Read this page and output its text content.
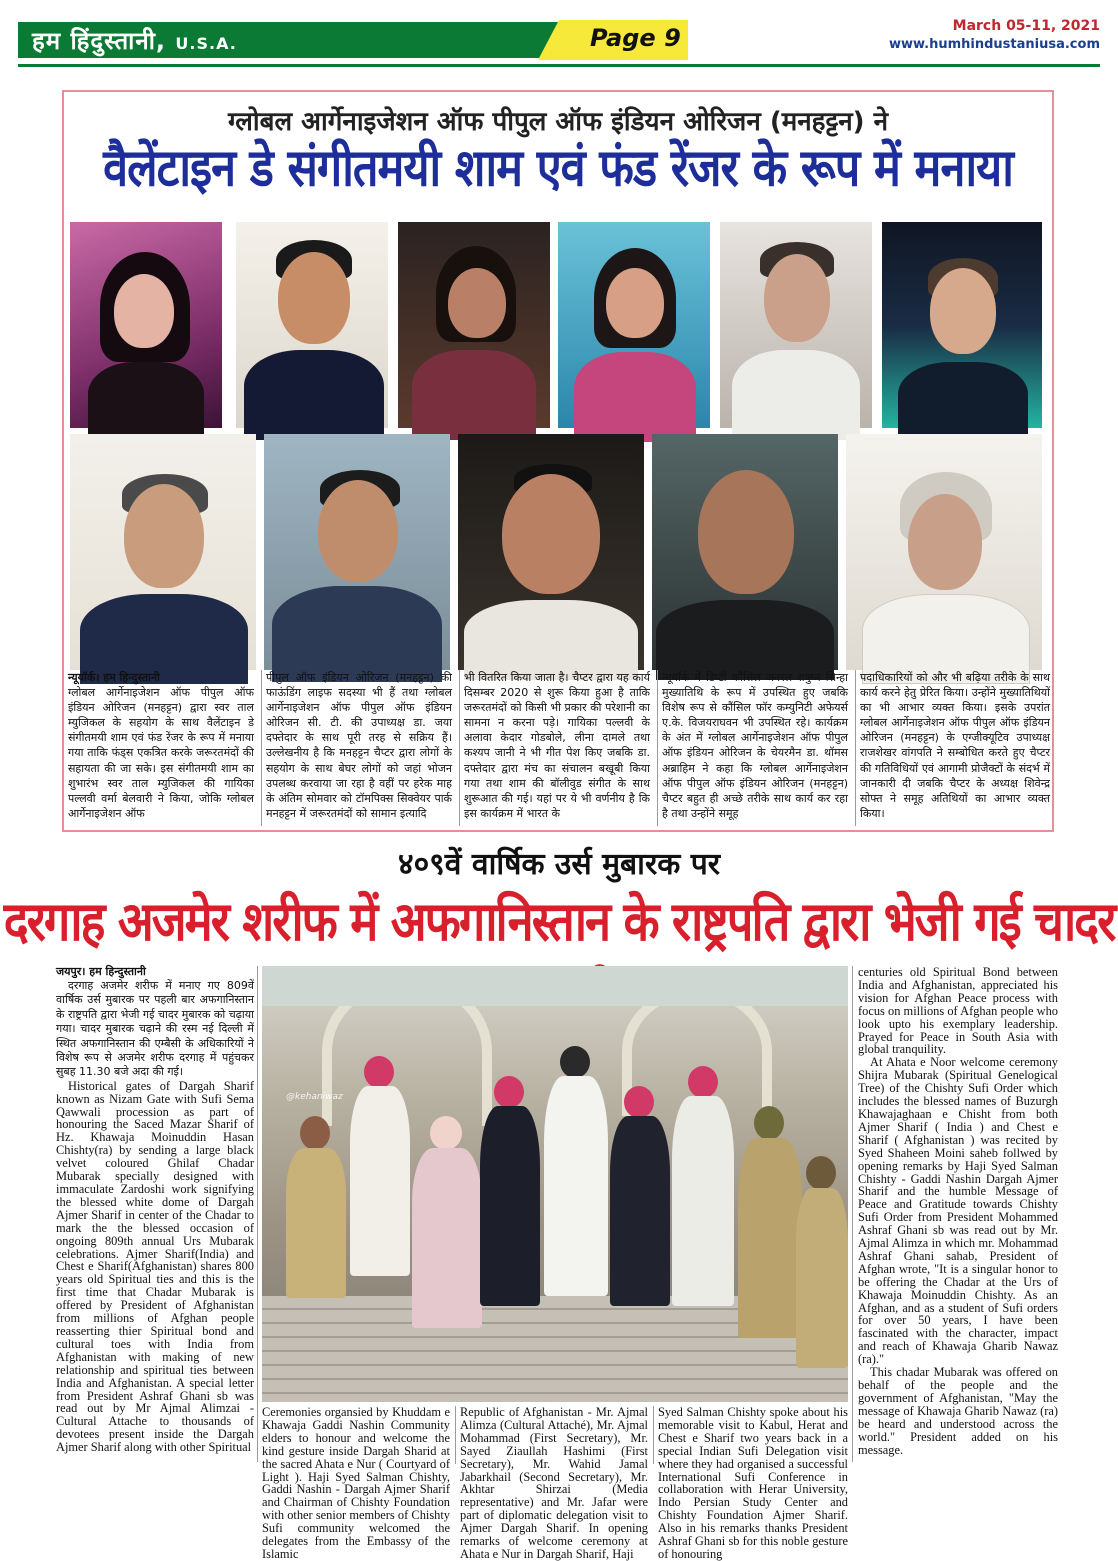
हम हिंदुस्तानी, U.S.A.	Page 9	March 05-11, 2021
www.humhindustaniusa.com
ग्लोबल आर्गेनाइजेशन ऑफ पीपुल ऑफ इंडियन ओरिजन (मनहट्टन) ने
वैलेंटाइन डे संगीतमयी शाम एवं फंड रेंजर के रूप में मनाया
न्यूयॉर्क। हम हिन्दुस्तानी
ग्लोबल आर्गेनाइजेशन ऑफ पीपुल ऑफ इंडियन ओरिजन (मनहट्टन) द्वारा स्वर ताल म्युजिकल के सहयोग के साथ वैलेंटाइन डे संगीतमयी शाम एवं फंड रेंजर के रूप में मनाया गया ताकि फंड्स एकत्रित करके जरूरतमंदों की सहायता की जा सके। इस संगीतमयी शाम का शुभारंभ स्वर ताल म्युजिकल की गायिका पल्लवी वर्मा बेलवारी ने किया, जोकि ग्लोबल आर्गेनाइजेशन ऑफ
पीपुल ऑफ इंडियन ओरिजन (मनहट्टन) की फाऊंडिंग लाइफ सदस्या भी हैं तथा ग्लोबल आर्गेनाइजेशन ऑफ पीपुल ऑफ इंडियन ओरिजन सी. टी. की उपाध्यक्ष डा. जया दफ्तेदार के साथ पूरी तरह से सक्रिय हैं। उल्लेखनीय है कि मनहट्टन चैप्टर द्वारा लोगों के सहयोग के साथ बेघर लोगों को जहां भोजन उपलब्ध करवाया जा रहा है वहीं पर हरेक माह के अंतिम सोमवार को टॉमपिक्स सिक्वेयर पार्क मनहट्टन में जरूरतमंदों को सामान इत्यादि
भी वितरित किया जाता है। चैप्टर द्वारा यह कार्य दिसम्बर 2020 से शुरू किया हुआ है ताकि जरूरतमंदों को किसी भी प्रकार की परेशानी का सामना न करना पड़े। गायिका पल्लवी के अलावा केदार गोडबोले, लीना दामले तथा कश्यप जानी ने भी गीत पेश किए जबकि डा. दफ्तेदार द्वारा मंच का संचालन बखूबी किया गया तथा शाम की बॉलीवुड संगीत के साथ शुरूआत की गई। यहां पर ये भी वर्णनीय है कि इस कार्यक्रम में भारत के
न्यूयॉर्क में डिप्टी कौंसिल जनरल शत्रुघ्न सिन्हा मुख्यातिथि के रूप में उपस्थित हुए जबकि विशेष रूप से कौंसिल फॉर कम्युनिटी अफेयर्स ए.के. विजयराघवन भी उपस्थित रहे। कार्यक्रम के अंत में ग्लोबल आर्गेनाइजेशन ऑफ पीपुल ऑफ इंडियन ओरिजन के चेयरमैन डा. थॉमस अब्राहिम ने कहा कि ग्लोबल आर्गेनाइजेशन ऑफ पीपुल ऑफ इंडियन ओरिजन (मनहट्टन) चैप्टर बहुत ही अच्छे तरीके साथ कार्य कर रहा है तथा उन्होंने समूह
पदाधिकारियों को और भी बढ़िया तरीके के साथ कार्य करने हेतु प्रेरित किया। उन्होंने मुख्यातिथियों का भी आभार व्यक्त किया। इसके उपरांत ग्लोबल आर्गेनाइजेशन ऑफ पीपुल ऑफ इंडियन ओरिजन (मनहट्टन) के एग्जीक्यूटिव उपाध्यक्ष राजशेखर वांगपति ने सम्बोधित करते हुए चैप्टर की गतिविधियों एवं आगामी प्रोजैक्टों के संदर्भ में जानकारी दी जबकि चैप्टर के अध्यक्ष शिवेन्द्र सोफ्त ने समूह अतिथियों का आभार व्यक्त किया।
४०९वें वार्षिक उर्स मुबारक पर
दरगाह अजमेर शरीफ में अफगानिस्तान के राष्ट्रपति द्वारा भेजी गई चादर
जयपुर। हम हिन्दुस्तानी

दरगाह अजमेर शरीफ में मनाए गए 809वें वार्षिक उर्स मुबारक पर पहली बार अफगानिस्तान के राष्ट्रपति द्वारा भेजी गई चादर मुबारक को चढ़ाया गया। चादर मुबारक चढ़ाने की रस्म नई दिल्ली में स्थित अफगानिस्तान की एम्बैसी के अधिकारियों ने विशेष रूप से अजमेर शरीफ दरगाह में पहुंचकर सुबह 11.30 बजे अदा की गई।

Historical gates of Dargah Sharif known as Nizam Gate with Sufi Sema Qawwali procession as part of honouring the Saced Mazar Sharif of Hz. Khawaja Moinuddin Hasan Chishty(ra) by sending a large black velvet coloured Ghilaf Chadar Mubarak specially designed with immaculate Zardoshi work signifying the blessed white dome of Dargah Ajmer Sharif in center of the Chadar to mark the the blessed occasion of ongoing 809th annual Urs Mubarak celebrations. Ajmer Sharif(India) and Chest e Sharif(Afghanistan) shares 800 years old Spiritual ties and this is the first time that Chadar Mubarak is offered by President of Afghanistan from millions of Afghan people reasserting thier Spiritual bond and cultural toes with India from Afghanistan with making of new relationship and spiritual ties between India and Afghanistan. A special letter from President Ashraf Ghani sb was read out by Mr Ajmal Alimzai - Cultural Attache to thousands of devotees present inside the Dargah Ajmer Sharif along with other Spiritual

@kehaniwaz

centuries old Spiritual Bond between India and Afghanistan, appreciated his vision for Afghan Peace process with focus on millions of Afghan people who look upto his exemplary leadership. Prayed for Peace in South Asia with global tranquility.

At Ahata e Noor welcome ceremony Shijra Mubarak (Spiritual Genelogical Tree) of the Chishty Sufi Order which includes the blessed names of Buzurgh Khawajaghaan e Chisht from both Ajmer Sharif ( India ) and Chest e Sharif ( Afghanistan ) was recited by Syed Shaheen Moini saheb follwed by opening remarks by Haji Syed Salman Chishty - Gaddi Nashin Dargah Ajmer Sharif and the humble Message of Peace and Gratitude towards Chishty Sufi Order from President Mohammed Ashraf Ghani sb was read out by Mr. Ajmal Alimza in which mr. Mohammad Ashraf Ghani sahab, President of Afghan wrote, "It is a singular honor to be offering the Chadar at the Urs of Khawaja Moinuddin Chishty. As an Afghan, and as a student of Sufi orders for over 50 years, I have been fascinated with the character, impact and reach of Khawaja Gharib Nawaz (ra)."

This chadar Mubarak was offered on behalf of the people and the government of Afghanistan, "May the message of Khawaja Gharib Nawaz (ra) be heard and understood across the world." President added on his message.

Ceremonies organsied by Khuddam e Khawaja Gaddi Nashin Community elders to honour and welcome the kind gesture inside Dargah Sharid at the sacred Ahata e Nur ( Courtyard of Light ). Haji Syed Salman Chishty, Gaddi Nashin - Dargah Ajmer Sharif and Chairman of Chishty Foundation with other senior members of Chishty Sufi community welcomed the delegates from the Embassy of the Islamic

Republic of Afghanistan - Mr. Ajmal Alimza (Cultural Attaché), Mr. Ajmal Mohammad (First Secretary), Mr. Sayed Ziaullah Hashimi (First Secretary), Mr. Wahid Jamal Jabarkhail (Second Secretary), Mr. Akhtar Shirzai (Media representative) and Mr. Jafar were part of diplomatic delegation visit to Ajmer Dargah Sharif. In opening remarks of welcome ceremony at Ahata e Nur in Dargah Sharif, Haji

Syed Salman Chishty spoke about his memorable visit to Kabul, Herat and Chest e Sharif two years back in a special Indian Sufi Delegation visit where they had organised a successful International Sufi Conference in collaboration with Herar University, Indo Persian Study Center and Chishty Foundation Ajmer Sharif. Also in his remarks thanks President Ashraf Ghani sb for this noble gesture of honouring
